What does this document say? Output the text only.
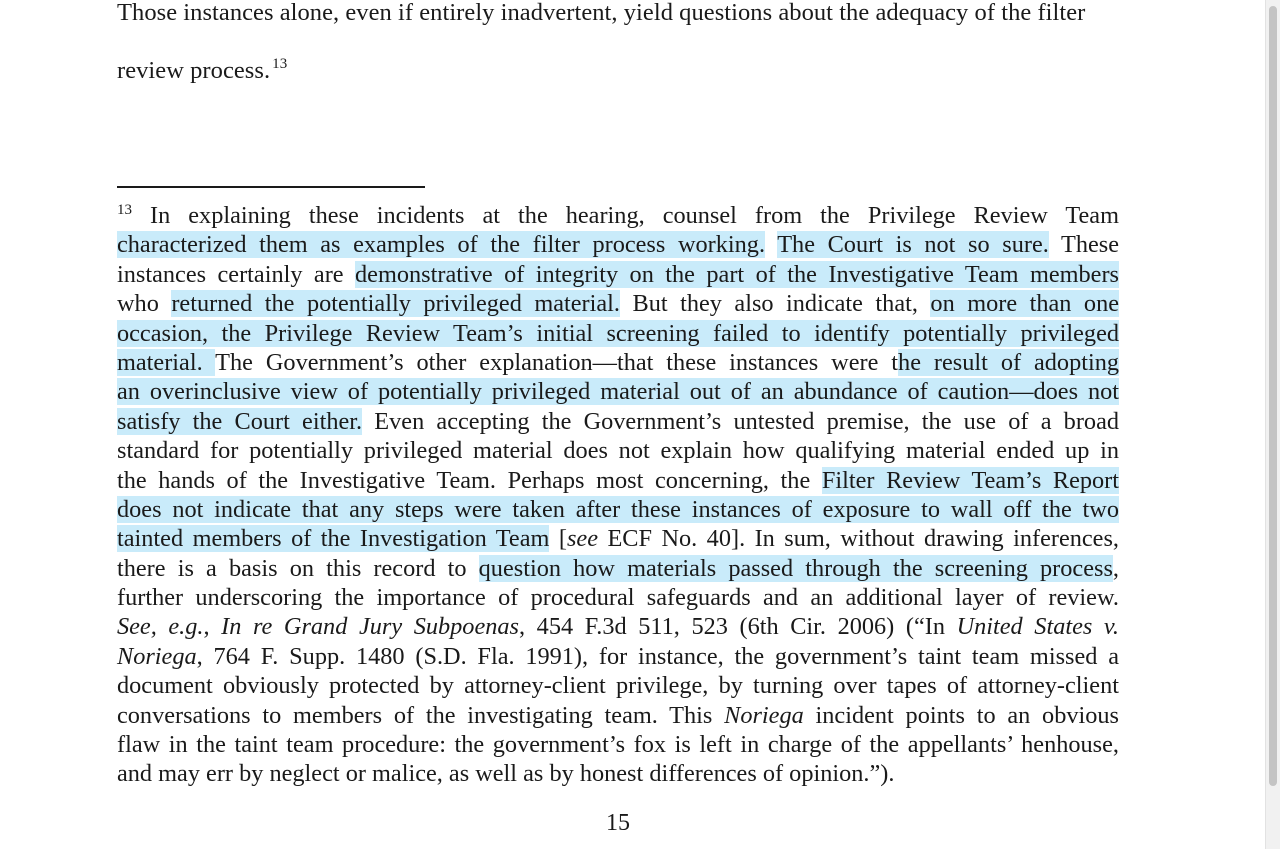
Those instances alone, even if entirely inadvertent, yield questions about the adequacy of the filter
review process. $^{13}$
$^{13}$ In explaining these incidents at the hearing, counsel from the Privilege Review Team
characterized them as examples of the filter process working. The Court is not so sure. These
instances certainly are demonstrative of integrity on the part of the Investigative Team members
who returned the potentially privileged material. But they also indicate that, on more than one
occasion, the Privilege Review Team’s initial screening failed to identify potentially privileged
material. The Government’s other explanation—that these instances were the result of adopting
an overinclusive view of potentially privileged material out of an abundance of caution—does not
satisfy the Court either. Even accepting the Government’s untested premise, the use of a broad
standard for potentially privileged material does not explain how qualifying material ended up in
the hands of the Investigative Team. Perhaps most concerning, the Filter Review Team’s Report
does not indicate that any steps were taken after these instances of exposure to wall off the two
tainted members of the Investigation Team [see ECF No. 40]. In sum, without drawing inferences,
there is a basis on this record to question how materials passed through the screening process,
further underscoring the importance of procedural safeguards and an additional layer of review.
See, e.g., In re Grand Jury Subpoenas, 454 F.3d 511, 523 (6th Cir. 2006) (“In United States v.
Noriega, 764 F. Supp. 1480 (S.D. Fla. 1991), for instance, the government’s taint team missed a
document obviously protected by attorney-client privilege, by turning over tapes of attorney-client
conversations to members of the investigating team. This Noriega incident points to an obvious
flaw in the taint team procedure: the government’s fox is left in charge of the appellants’ henhouse,
and may err by neglect or malice, as well as by honest differences of opinion.”).
15
